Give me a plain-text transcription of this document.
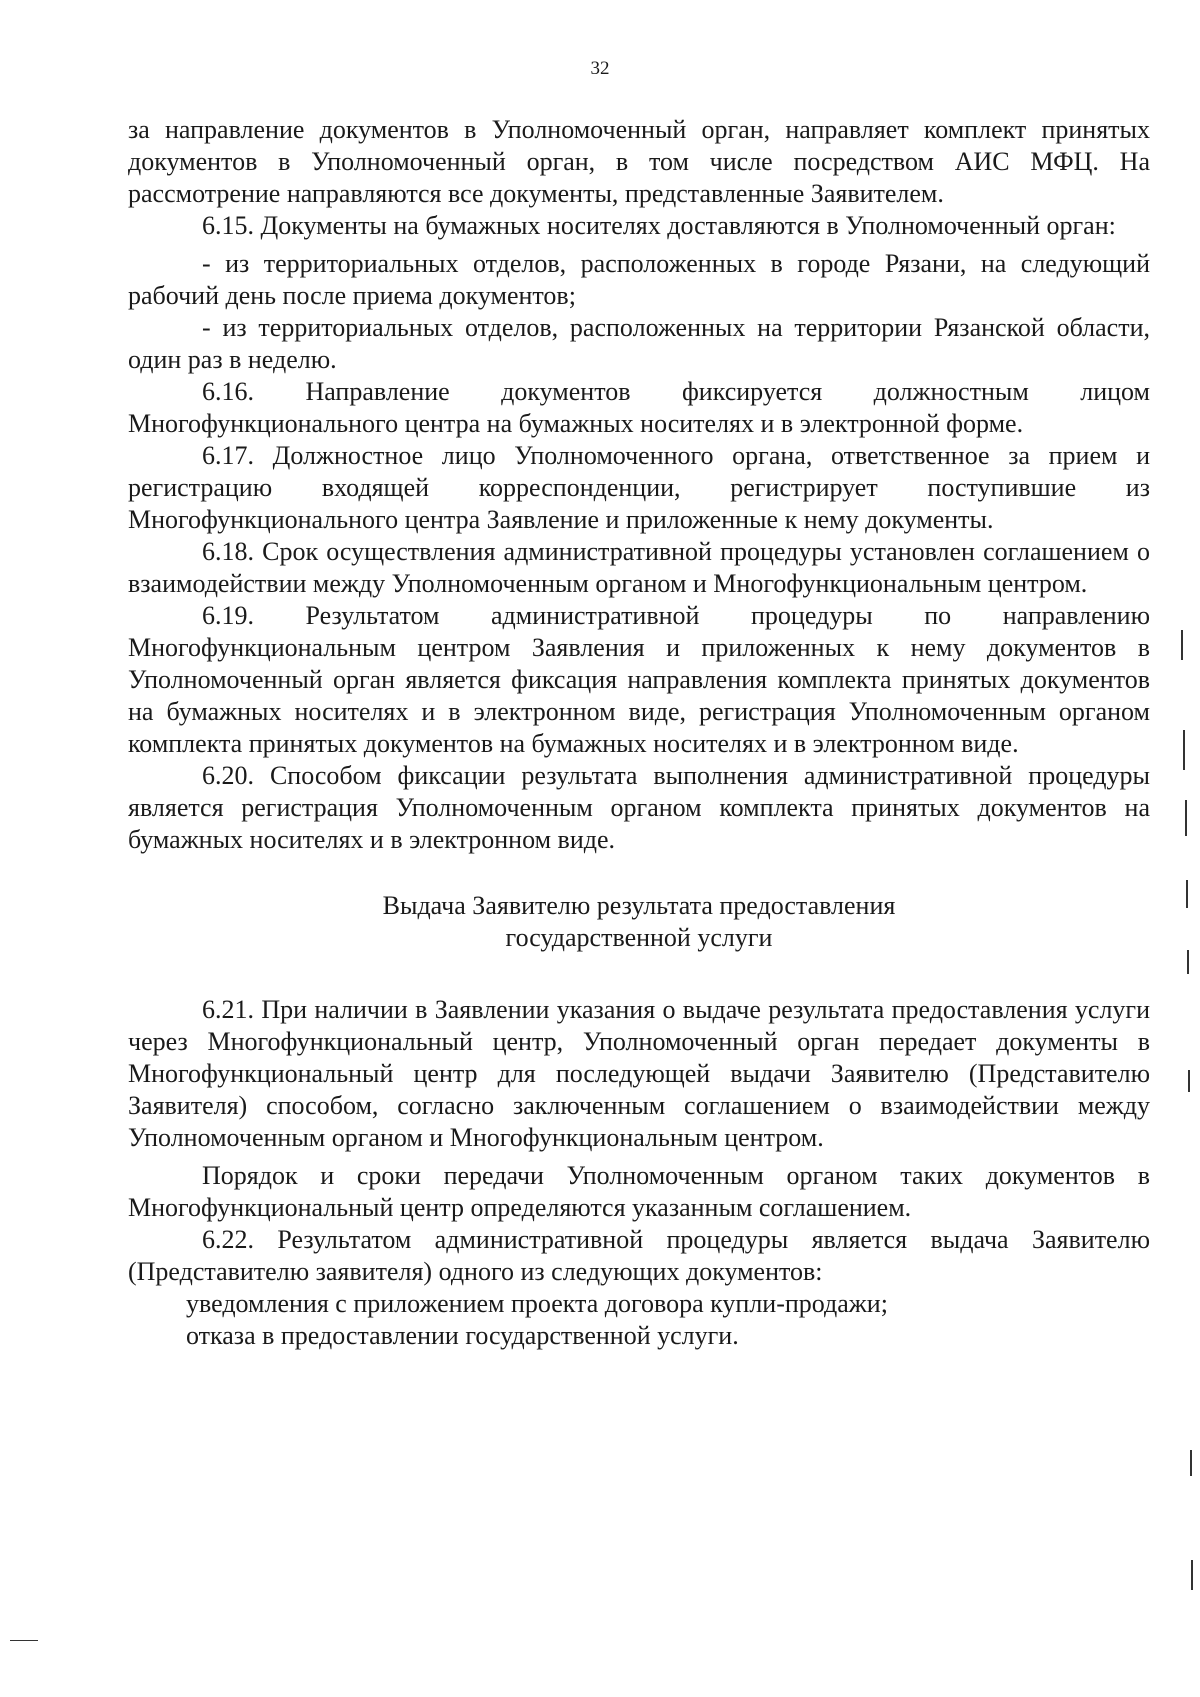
32

за направление документов в Уполномоченный орган, направляет комплект принятых документов в Уполномоченный орган, в том числе посредством АИС МФЦ. На рассмотрение направляются все документы, представленные Заявителем.

6.15. Документы на бумажных носителях доставляются в Уполномоченный орган:

- из территориальных отделов, расположенных в городе Рязани, на следующий рабочий день после приема документов;

- из территориальных отделов, расположенных на территории Рязанской области, один раз в неделю.

6.16. Направление документов фиксируется должностным лицом Многофункционального центра на бумажных носителях и в электронной форме.

6.17. Должностное лицо Уполномоченного органа, ответственное за прием и регистрацию входящей корреспонденции, регистрирует поступившие из Многофункционального центра Заявление и приложенные к нему документы.

6.18. Срок осуществления административной процедуры установлен соглашением о взаимодействии между Уполномоченным органом и Многофункциональным центром.

6.19. Результатом административной процедуры по направлению Многофункциональным центром Заявления и приложенных к нему документов в Уполномоченный орган является фиксация направления комплекта принятых документов на бумажных носителях и в электронном виде, регистрация Уполномоченным органом комплекта принятых документов на бумажных носителях и в электронном виде.

6.20. Способом фиксации результата выполнения административной процедуры является регистрация Уполномоченным органом комплекта принятых документов на бумажных носителях и в электронном виде.

Выдача Заявителю результата предоставления
государственной услуги

6.21. При наличии в Заявлении указания о выдаче результата предоставления услуги через Многофункциональный центр, Уполномоченный орган передает документы в Многофункциональный центр для последующей выдачи Заявителю (Представителю Заявителя) способом, согласно заключенным соглашением о взаимодействии между Уполномоченным органом и Многофункциональным центром.

Порядок и сроки передачи Уполномоченным органом таких документов в Многофункциональный центр определяются указанным соглашением.

6.22. Результатом административной процедуры является выдача Заявителю (Представителю заявителя) одного из следующих документов:

уведомления с приложением проекта договора купли-продажи;

отказа в предоставлении государственной услуги.
